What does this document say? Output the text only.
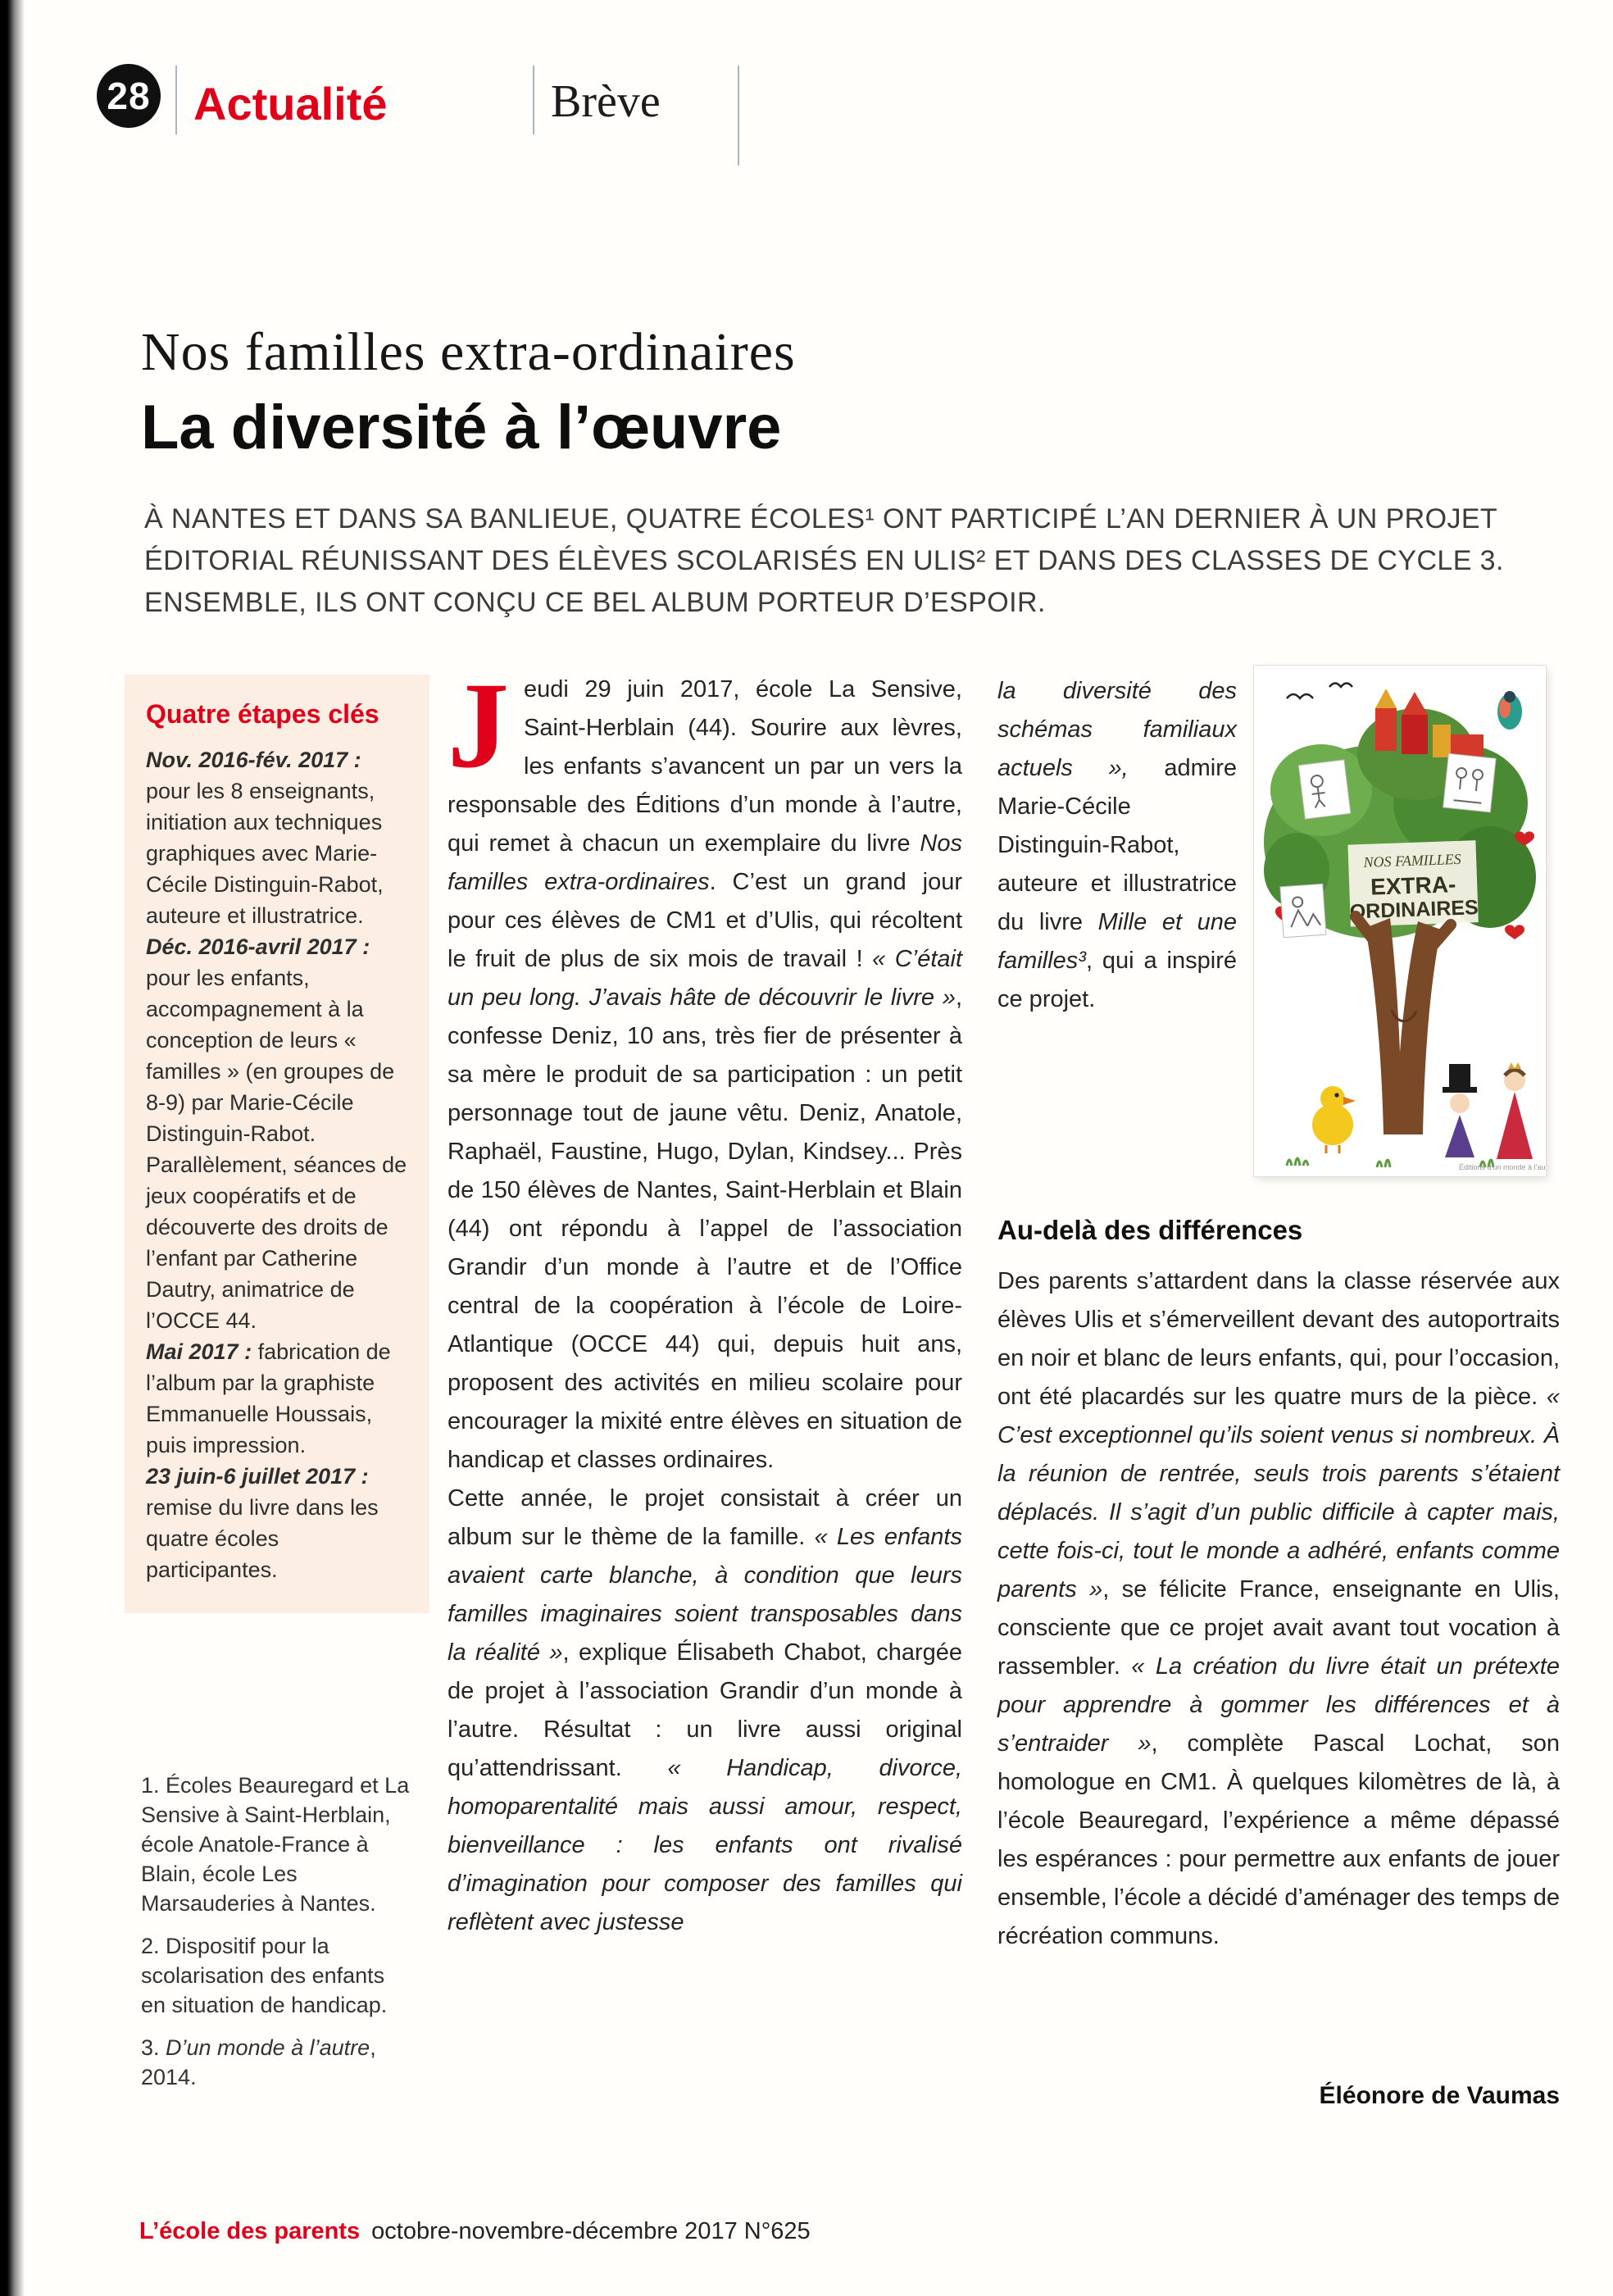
28 Actualité	Brève
Nos familles extra-ordinaires
La diversité à l’œuvre
À NANTES ET DANS SA BANLIEUE, QUATRE ÉCOLES¹ ONT PARTICIPÉ L’AN DERNIER À UN PROJET ÉDITORIAL RÉUNISSANT DES ÉLÈVES SCOLARISÉS EN ULIS² ET DANS DES CLASSES DE CYCLE 3. ENSEMBLE, ILS ONT CONÇU CE BEL ALBUM PORTEUR D’ESPOIR.
Quatre étapes clés

Nov. 2016-fév. 2017 : pour les 8 enseignants, initiation aux techniques graphiques avec Marie-Cécile Distinguin-Rabot, auteure et illustratrice.

Déc. 2016-avril 2017 : pour les enfants, accompagnement à la conception de leurs « familles » (en groupes de 8-9) par Marie-Cécile Distinguin-Rabot. Parallèlement, séances de jeux coopératifs et de découverte des droits de l’enfant par Catherine Dautry, animatrice de l’OCCE 44.

Mai 2017 : fabrication de l’album par la graphiste Emmanuelle Houssais, puis impression.

23 juin-6 juillet 2017 : remise du livre dans les quatre écoles participantes.

1. Écoles Beauregard et La Sensive à Saint-Herblain, école Anatole-France à Blain, école Les Marsauderies à Nantes.

2. Dispositif pour la scolarisation des enfants en situation de handicap.

3. D’un monde à l’autre, 2014.

Jeudi 29 juin 2017, école La Sensive, Saint-Herblain (44). Sourire aux lèvres, les enfants s’avancent un par un vers la responsable des Éditions d’un monde à l’autre, qui remet à chacun un exemplaire du livre Nos familles extra-ordinaires. C’est un grand jour pour ces élèves de CM1 et d’Ulis, qui récoltent le fruit de plus de six mois de travail ! « C’était un peu long. J’avais hâte de découvrir le livre », confesse Deniz, 10 ans, très fier de présenter à sa mère le produit de sa participation : un petit personnage tout de jaune vêtu. Deniz, Anatole, Raphaël, Faustine, Hugo, Dylan, Kindsey... Près de 150 élèves de Nantes, Saint-Herblain et Blain (44) ont répondu à l’appel de l’association Grandir d’un monde à l’autre et de l’Office central de la coopération à l’école de Loire-Atlantique (OCCE 44) qui, depuis huit ans, proposent des activités en milieu scolaire pour encourager la mixité entre élèves en situation de handicap et classes ordinaires.

Cette année, le projet consistait à créer un album sur le thème de la famille. « Les enfants avaient carte blanche, à condition que leurs familles imaginaires soient transposables dans la réalité », explique Élisabeth Chabot, chargée de projet à l’association Grandir d’un monde à l’autre. Résultat : un livre aussi original qu’attendrissant. « Handicap, divorce, homoparentalité mais aussi amour, respect, bienveillance : les enfants ont rivalisé d’imagination pour composer des familles qui reflètent avec justesse

la diversité des schémas familiaux actuels », admire Marie-Cécile Distinguin-Rabot, auteure et illustratrice du livre Mille et une familles³, qui a inspiré ce projet.

NOS FAMILLES
EXTRA-
ORDINAIRES
Éditions d’un monde à l’autre
Au-delà des différences

Des parents s’attardent dans la classe réservée aux élèves Ulis et s’émerveillent devant des autoportraits en noir et blanc de leurs enfants, qui, pour l’occasion, ont été placardés sur les quatre murs de la pièce. « C’est exceptionnel qu’ils soient venus si nombreux. À la réunion de rentrée, seuls trois parents s’étaient déplacés. Il s’agit d’un public difficile à capter mais, cette fois-ci, tout le monde a adhéré, enfants comme parents », se félicite France, enseignante en Ulis, consciente que ce projet avait avant tout vocation à rassembler. « La création du livre était un prétexte pour apprendre à gommer les différences et à s’entraider », complète Pascal Lochat, son homologue en CM1. À quelques kilomètres de là, à l’école Beauregard, l’expérience a même dépassé les espérances : pour permettre aux enfants de jouer ensemble, l’école a décidé d’aménager des temps de récréation communs.

Éléonore de Vaumas
L’école des parents octobre-novembre-décembre 2017 N°625
